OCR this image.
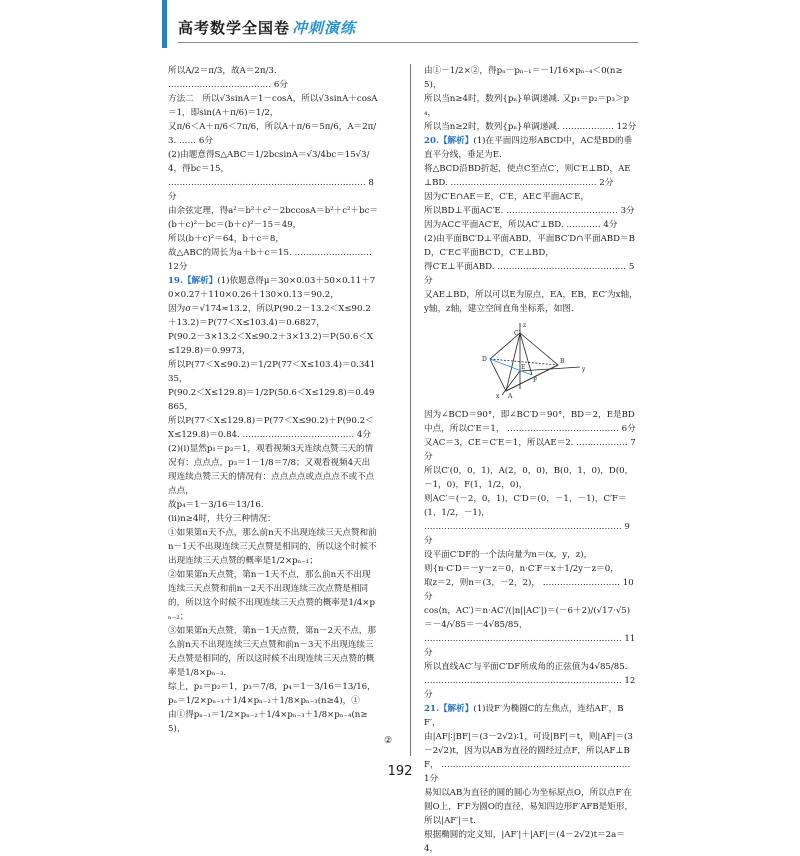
高考数学全国卷 冲刺演练

所以A/2＝π/3，故A＝2π/3. ……………………………… 6分

方法二　所以√3sinA＝1－cosA，所以√3sinA＋cosA＝1，即sin(A＋π/6)＝1/2，

又π/6＜A＋π/6＜7π/6，所以A＋π/6＝5π/6，A＝2π/3. …… 6分

(2)由题意得S△ABC＝1/2bcsinA＝√3/4bc＝15√3/4，得bc＝15，

…………………………………………………………… 8分

由余弦定理，得a²＝b²＋c²－2bccosA＝b²＋c²＋bc＝(b＋c)²－bc＝(b＋c)²－15＝49，

所以(b＋c)²＝64，b＋c＝8，

故△ABC的周长为a＋b＋c＝15. ……………………… 12分

19.【解析】(1)依题意得μ＝30×0.03＋50×0.11＋70×0.27＋110×0.26＋130×0.13＝90.2，

因为σ＝√174≈13.2，所以P(90.2－13.2＜X≤90.2＋13.2)＝P(77＜X≤103.4)＝0.6827，

P(90.2－3×13.2＜X≤90.2＋3×13.2)＝P(50.6＜X≤129.8)＝0.9973，

所以P(77＜X≤90.2)＝1/2P(77＜X≤103.4)＝0.34135，

P(90.2＜X≤129.8)＝1/2P(50.6＜X≤129.8)＝0.49865，

所以P(77＜X≤129.8)＝P(77＜X≤90.2)＋P(90.2＜X≤129.8)＝0.84. ………………………………… 4分

(2)(ⅰ)显然p₁＝p₂＝1，观看视频3天连续点赞三天的情况有：点点点，p₃＝1－1/8＝7/8；又观看视频4天出现连续点赞三天的情况有：点点点点或点点点不或不点点点，

故p₄＝1－3/16＝13/16.

(ⅱ)n≥4时，共分三种情况：

①如果第n天不点，那么前n天不出现连续三天点赞和前n－1天不出现连续三天点赞是相同的，所以这个时候不出现连续三天点赞的概率是1/2×pₙ₋₁；

②如果第n天点赞，第n－1天不点，那么前n天不出现连续三天点赞和前n－2天不出现连续三次点赞是相同的，所以这个时候不出现连续三天点赞的概率是1/4×pₙ₋₂；

③如果第n天点赞，第n－1天点赞，第n－2天不点，那么前n天不出现连续三天点赞和前n－3天不出现连续三天点赞是相同的，所以这时候不出现连续三天点赞的概率是1/8×pₙ₋₃.

综上，p₁＝p₂＝1，p₃＝7/8，p₄＝1－3/16＝13/16，

pₙ＝1/2×pₙ₋₁＋1/4×pₙ₋₂＋1/8×pₙ₋₃(n≥4)，①

由①得pₙ₋₁＝1/2×pₙ₋₂＋1/4×pₙ₋₃＋1/8×pₙ₋₄(n≥5)，

②

由①－1/2×②，得pₙ－pₙ₋₁＝－1/16×pₙ₋₄＜0(n≥5)，

所以当n≥4时，数列{pₙ}单调递减. 又p₁＝p₂＝p₃＞p₄，

所以当n≥2时，数列{pₙ}单调递减. ……………… 12分

20.【解析】(1)在平面四边形ABCD中，AC是BD的垂直平分线，垂足为E.

将△BCD沿BD折起，使点C至点C′，则C′E⊥BD，AE⊥BD. …………………………………………… 2分

因为C′E∩AE＝E，C′E，AE⊂平面AC′E，

所以BD⊥平面AC′E. ………………………………… 3分

因为AC⊂平面AC′E，所以AC′⊥BD. ………… 4分

(2)由平面BC′D⊥平面ABD，平面BC′D∩平面ABD＝BD，C′E⊂平面BC′D，C′E⊥BD，

得C′E⊥平面ABD. ……………………………………… 5分

又AE⊥BD，所以可以E为原点，EA，EB，EC′为x轴，y轴，z轴，建立空间直角坐标系，如图.

z
C′
D
E
F
B
y
A
x

因为∠BCD＝90°，即∠BC′D＝90°，BD＝2，E是BD中点，所以C′E＝1， ………………………………… 6分

又AC＝3，CE＝C′E＝1，所以AE＝2. ……………… 7分

所以C′(0，0，1)，A(2，0，0)，B(0，1，0)，D(0，－1，0)，F(1，1/2，0)，

则AC′＝(－2，0，1)，C′D＝(0，－1，－1)，C′F＝(1，1/2，－1)，

…………………………………………………………… 9分

设平面C′DF的一个法向量为n＝(x，y，z)，

则{n·C′D＝－y－z＝0，n·C′F＝x＋1/2y－z＝0，

取z＝2，则n＝(3，－2，2)， ……………………… 10分

cos⟨n，AC′⟩＝n·AC′/(|n||AC′|)＝(－6＋2)/(√17·√5)＝－4/√85＝－4√85/85，

…………………………………………………………… 11分

所以直线AC′与平面C′DF所成角的正弦值为4√85/85.

…………………………………………………………… 12分

21.【解析】(1)设F′为椭圆C的左焦点，连结AF′，BF′，

由|AF|∶|BF|＝(3－2√2)∶1，可设|BF|＝t，则|AF|＝(3－2√2)t，因为以AB为直径的圆经过点F，所以AF⊥BF， ………………………………………………………… 1分

易知以AB为直径的圆的圆心为坐标原点O，所以点F′在圆O上，F′F为圆O的直径，易知四边形F′AFB是矩形，所以|AF′|＝t.

根据椭圆的定义知，|AF′|＋|AF|＝(4－2√2)t＝2a＝4，

192
